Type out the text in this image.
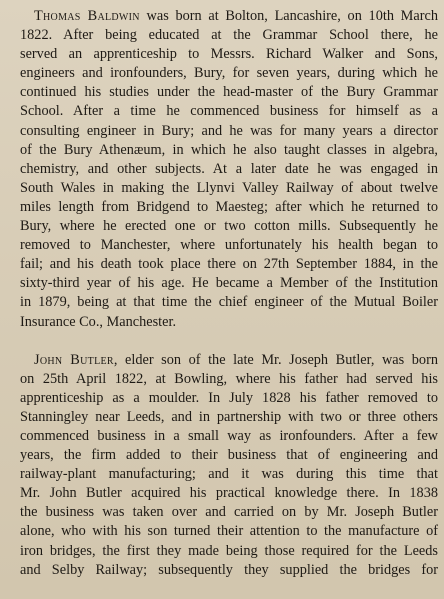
Thomas Baldwin was born at Bolton, Lancashire, on 10th March
1822. After being educated at the Grammar School there, he
served an apprenticeship to Messrs. Richard Walker and Sons,
engineers and ironfounders, Bury, for seven years, during which he
continued his studies under the head-master of the Bury Grammar
School. After a time he commenced business for himself as a
consulting engineer in Bury; and he was for many years a director
of the Bury Athenæum, in which he also taught classes in algebra,
chemistry, and other subjects. At a later date he was engaged in
South Wales in making the Llynvi Valley Railway of about twelve
miles length from Bridgend to Maesteg; after which he returned to
Bury, where he erected one or two cotton mills. Subsequently he
removed to Manchester, where unfortunately his health began to
fail; and his death took place there on 27th September 1884, in the
sixty-third year of his age. He became a Member of the Institution
in 1879, being at that time the chief engineer of the Mutual Boiler
Insurance Co., Manchester.
John Butler, elder son of the late Mr. Joseph Butler, was born
on 25th April 1822, at Bowling, where his father had served his
apprenticeship as a moulder. In July 1828 his father removed to
Stanningley near Leeds, and in partnership with two or three others
commenced business in a small way as ironfounders. After a few
years, the firm added to their business that of engineering and
railway-plant manufacturing; and it was during this time that
Mr. John Butler acquired his practical knowledge there. In 1838
the business was taken over and carried on by Mr. Joseph Butler
alone, who with his son turned their attention to the manufacture of
iron bridges, the first they made being those required for the Leeds
and Selby Railway; subsequently they supplied the bridges for
